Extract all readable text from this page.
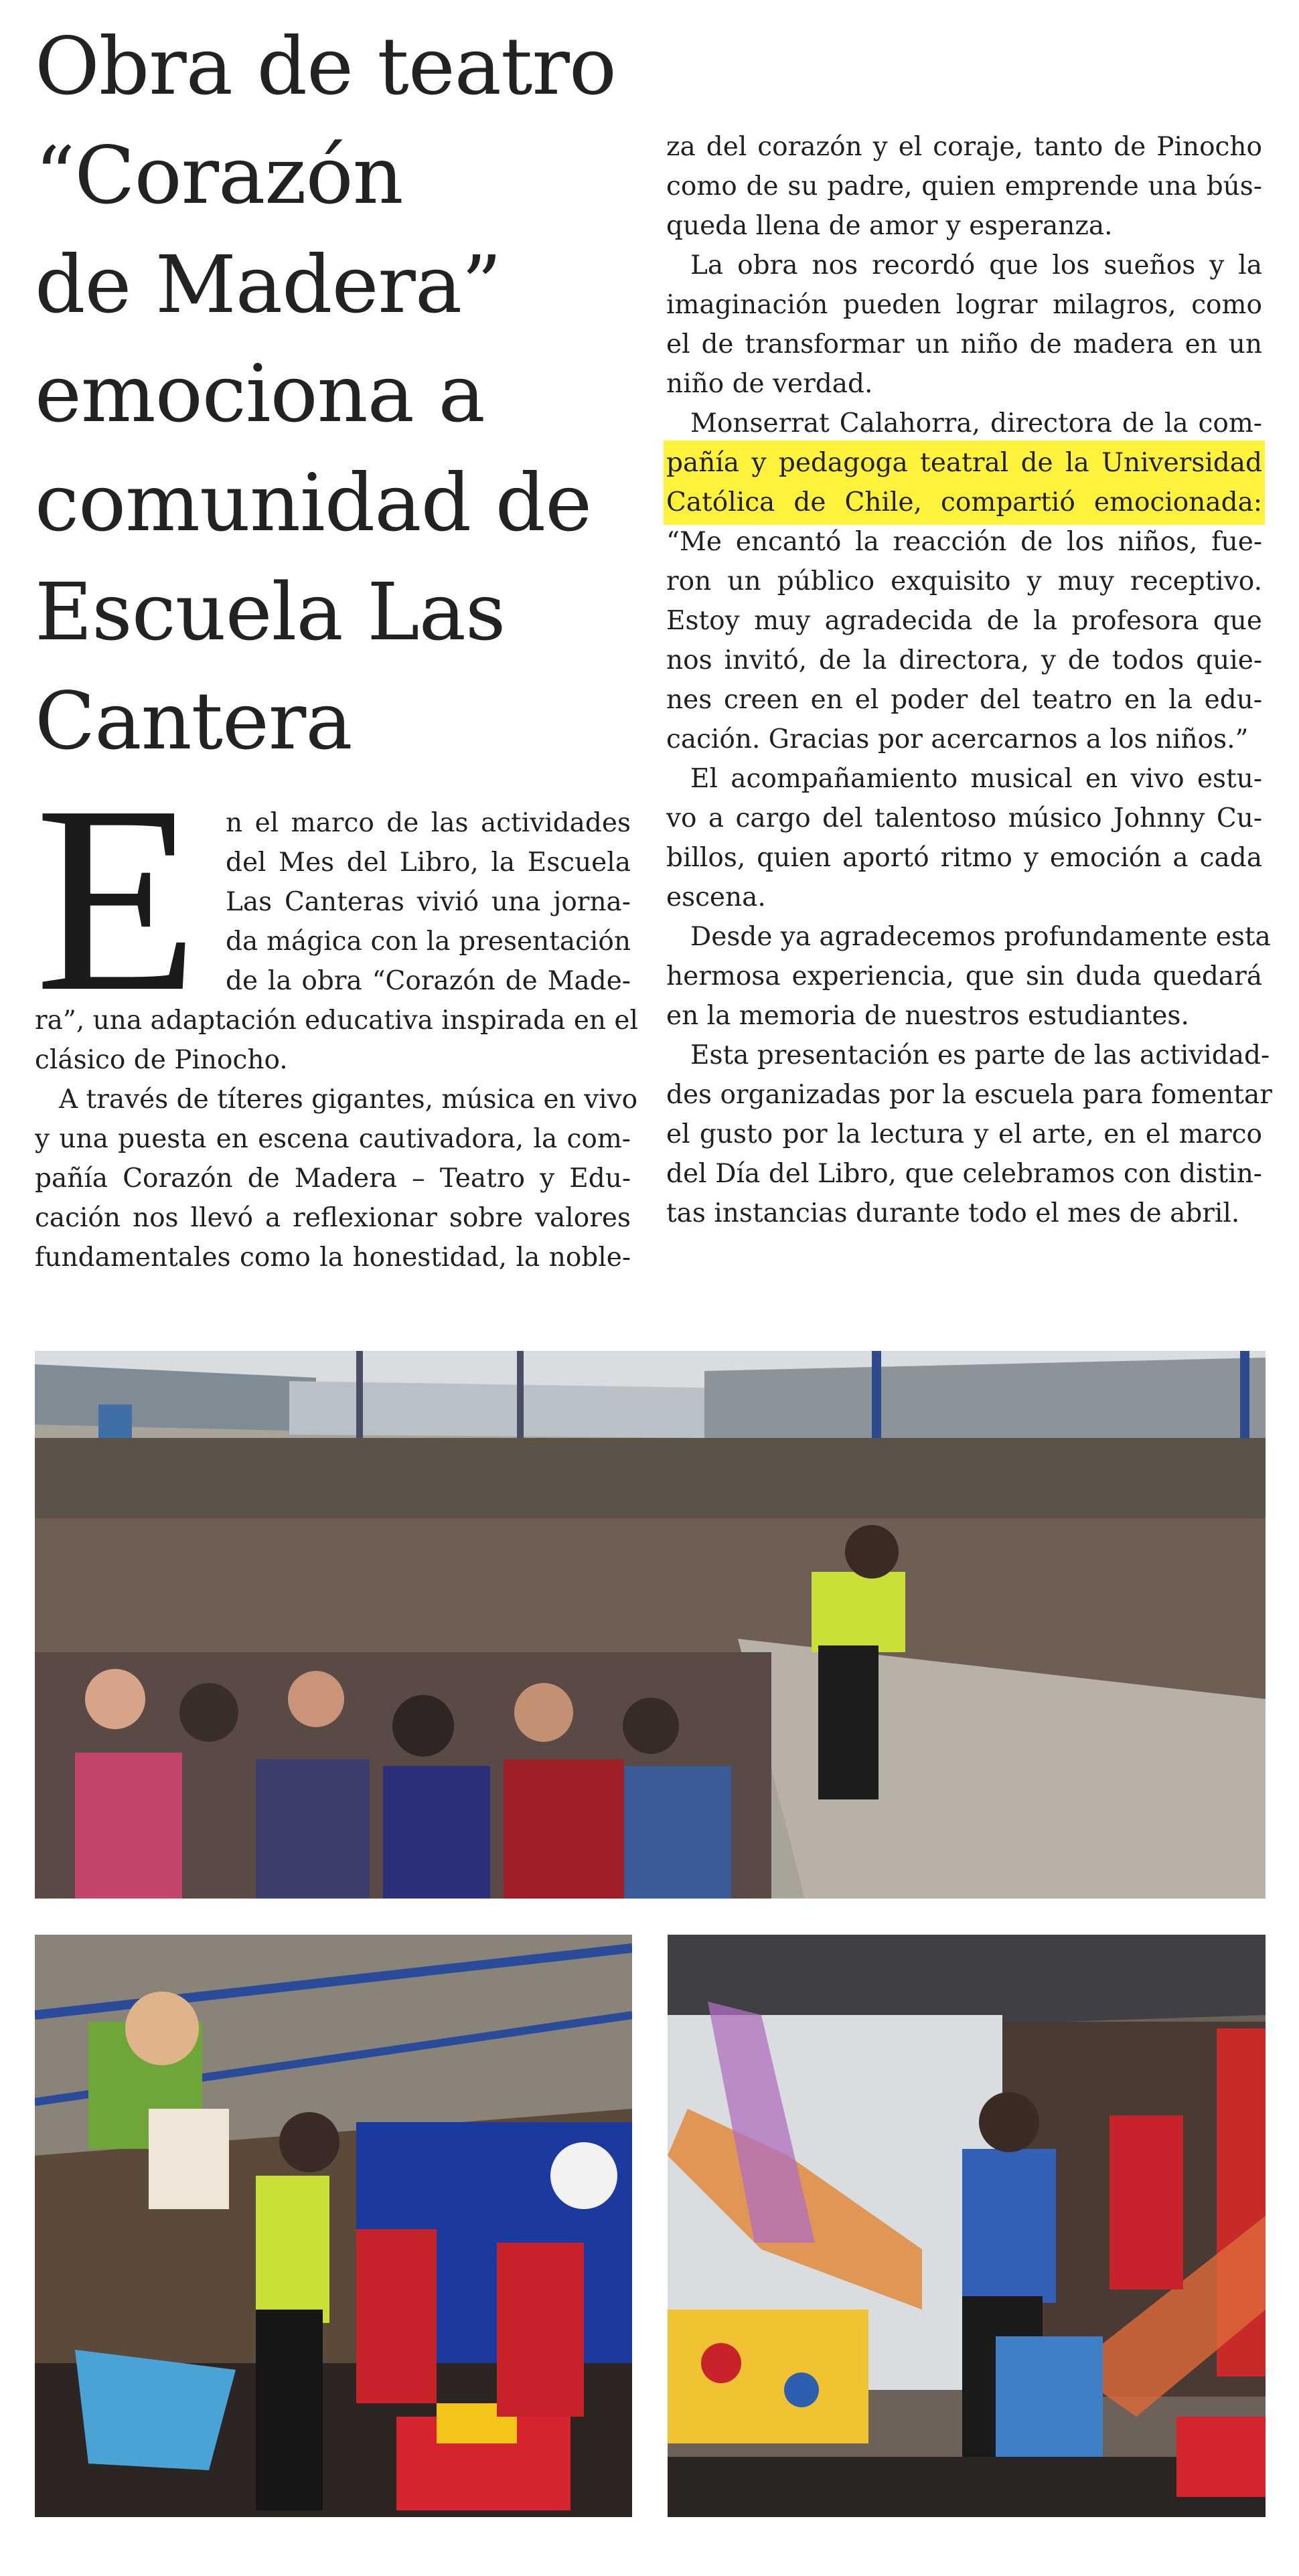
Obra de teatro
“Corazón
de Madera”
emociona a
comunidad de
Escuela Las
Cantera
E n el marco de las actividades
del Mes del Libro, la Escuela
Las Canteras vivió una jorna-
da mágica con la presentación
de la obra “Corazón de Made-

ra”, una adaptación educativa inspirada en el
clásico de Pinocho.

A través de títeres gigantes, música en vivo
y una puesta en escena cautivadora, la com-
pañía Corazón de Madera – Teatro y Edu-
cación nos llevó a reflexionar sobre valores
fundamentales como la honestidad, la noble-

za del corazón y el coraje, tanto de Pinocho
como de su padre, quien emprende una bús-
queda llena de amor y esperanza.

La obra nos recordó que los sueños y la
imaginación pueden lograr milagros, como
el de transformar un niño de madera en un
niño de verdad.

Monserrat Calahorra, directora de la com-
pañía y pedagoga teatral de la Universidad
Católica de Chile, compartió emocionada:
“Me encantó la reacción de los niños, fue-
ron un público exquisito y muy receptivo.
Estoy muy agradecida de la profesora que
nos invitó, de la directora, y de todos quie-
nes creen en el poder del teatro en la edu-
cación. Gracias por acercarnos a los niños.”

El acompañamiento musical en vivo estu-
vo a cargo del talentoso músico Johnny Cu-
billos, quien aportó ritmo y emoción a cada
escena.

Desde ya agradecemos profundamente esta
hermosa experiencia, que sin duda quedará
en la memoria de nuestros estudiantes.

Esta presentación es parte de las actividad-
des organizadas por la escuela para fomentar
el gusto por la lectura y el arte, en el marco
del Día del Libro, que celebramos con distin-
tas instancias durante todo el mes de abril.
